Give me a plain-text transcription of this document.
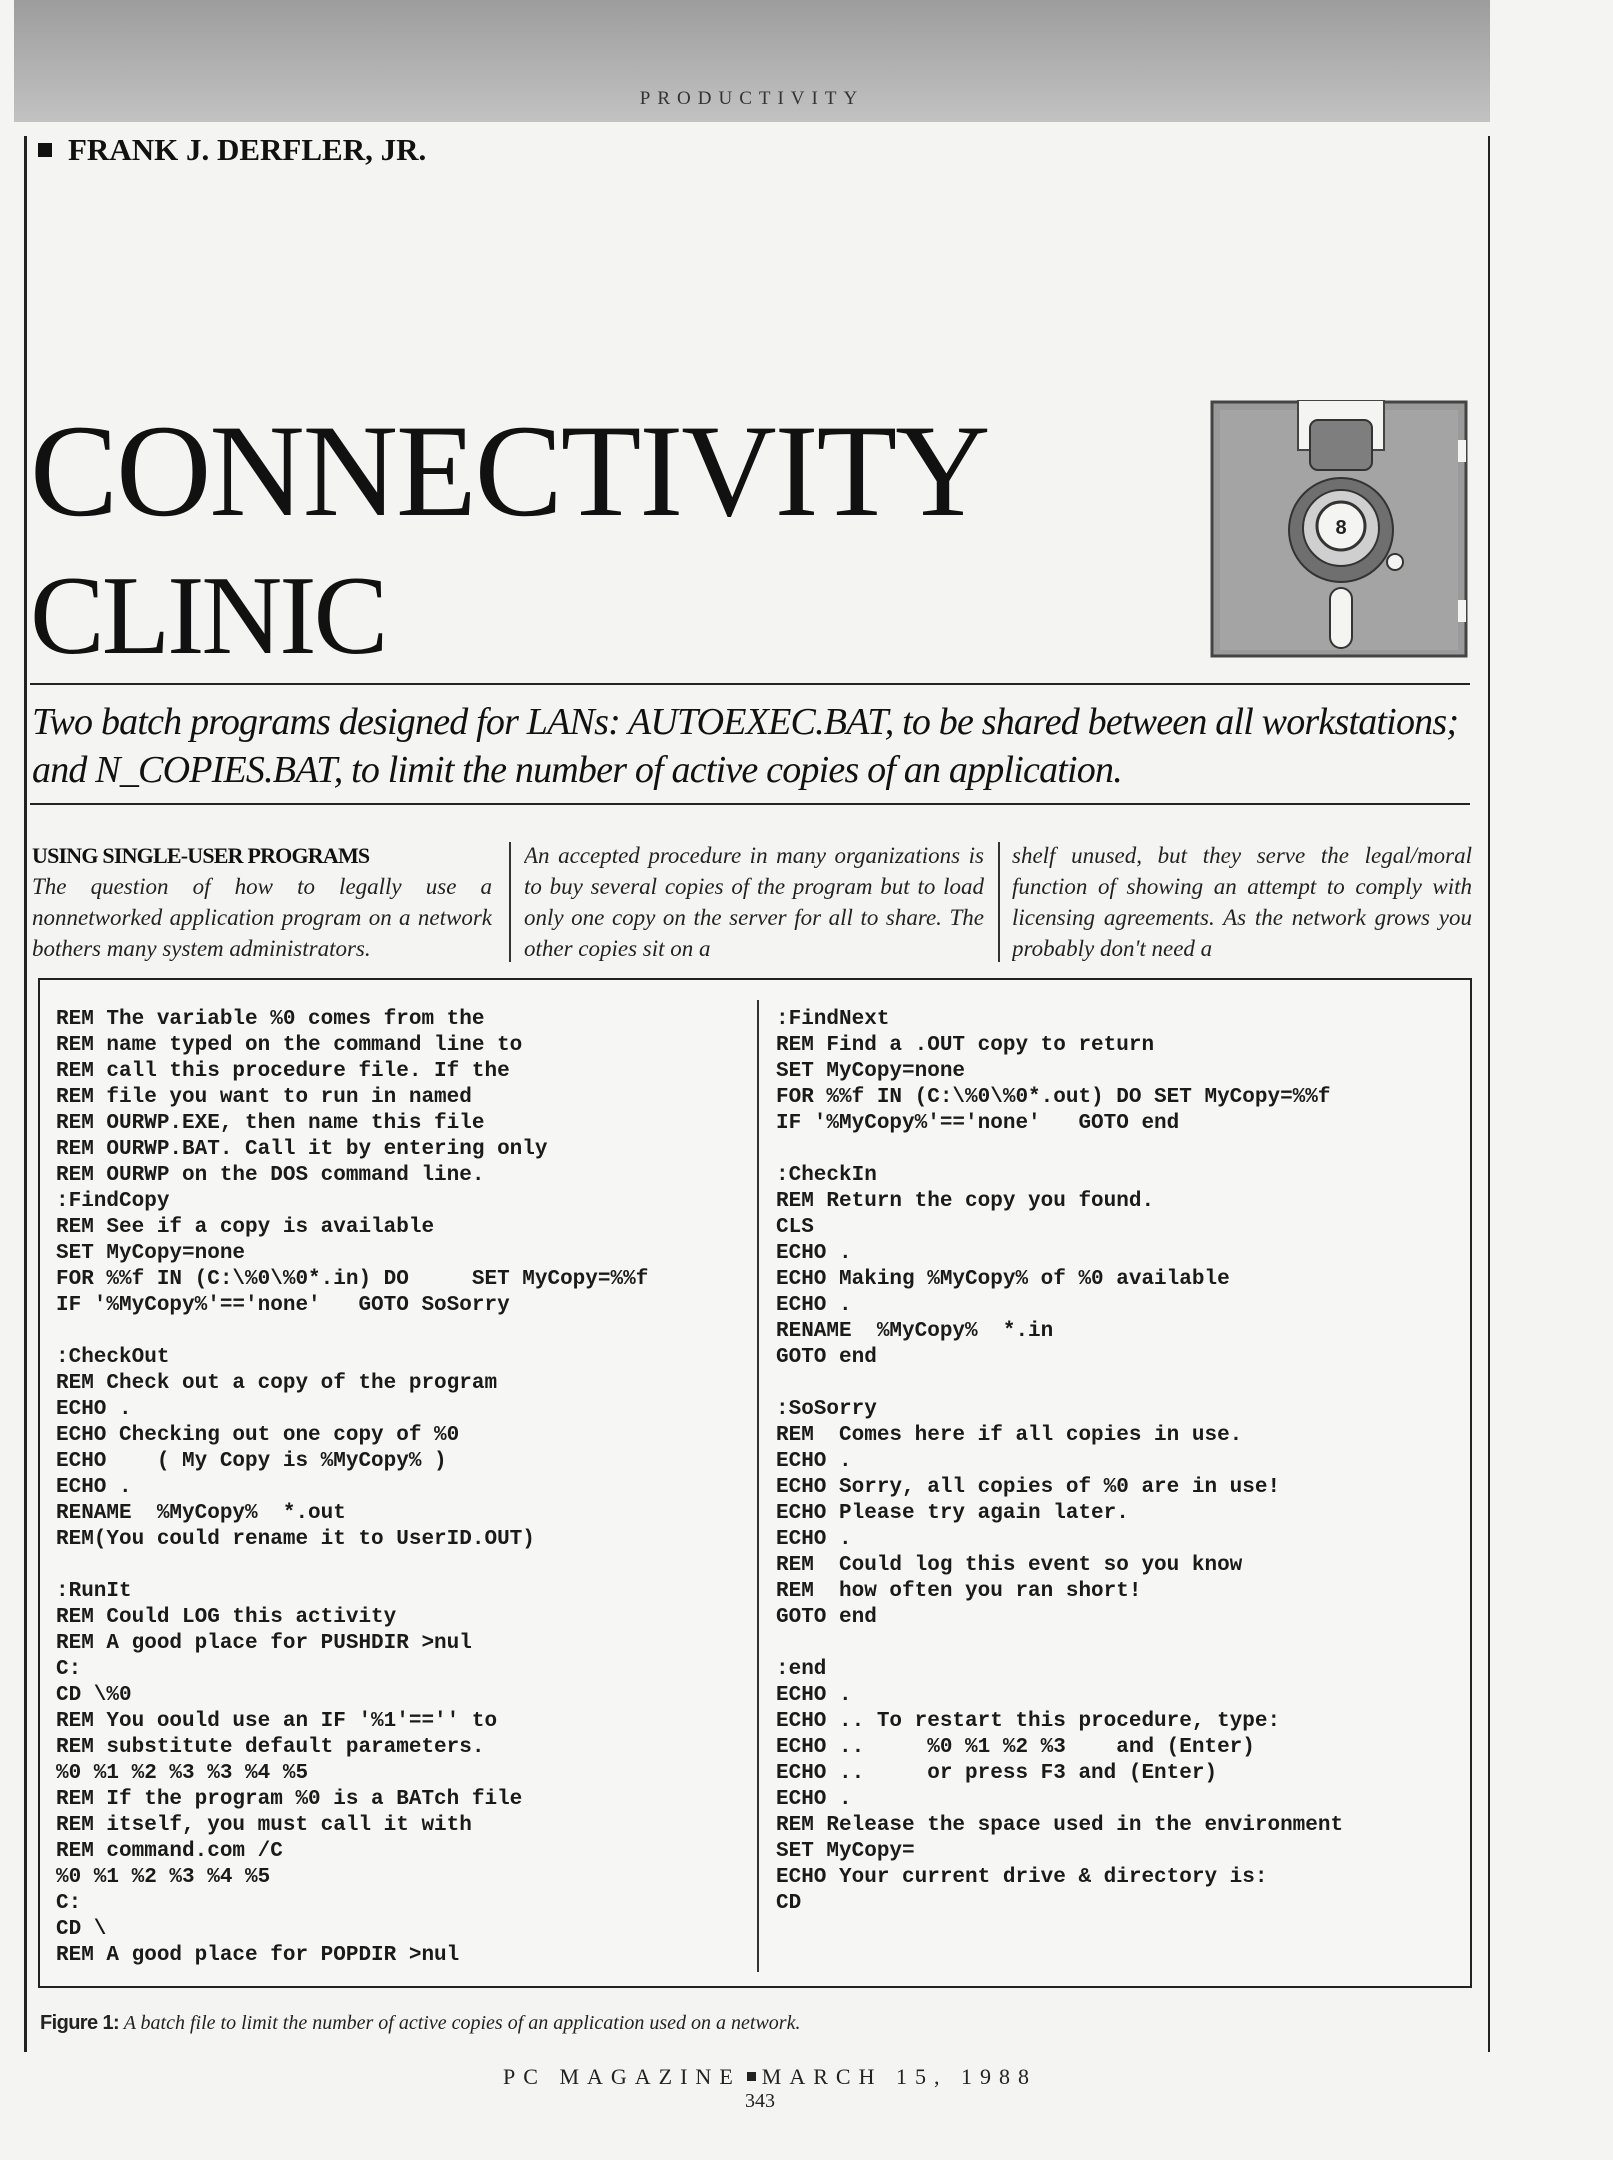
PRODUCTIVITY
FRANK J. DERFLER, JR.
CONNECTIVITY
CLINIC
8

Two batch programs designed for LANs: AUTOEXEC.BAT, to be shared between all workstations; and N_COPIES.BAT, to limit the number of active copies of an application.

USING SINGLE-USER PROGRAMS
The question of how to legally use a nonnetworked application program on a network bothers many system administrators.
An accepted procedure in many organizations is to buy several copies of the program but to load only one copy on the server for all to share. The other copies sit on a
shelf unused, but they serve the legal/moral function of showing an attempt to comply with licensing agreements. As the network grows you probably don't need a
REM The variable %0 comes from the
REM name typed on the command line to
REM call this procedure file. If the
REM file you want to run in named
REM OURWP.EXE, then name this file
REM OURWP.BAT. Call it by entering only
REM OURWP on the DOS command line.
:FindCopy
REM See if a copy is available
SET MyCopy=none
FOR %%f IN (C:\%0\%0*.in) DO     SET MyCopy=%%f
IF '%MyCopy%'=='none'   GOTO SoSorry

:CheckOut
REM Check out a copy of the program
ECHO .
ECHO Checking out one copy of %0
ECHO    ( My Copy is %MyCopy% )
ECHO .
RENAME  %MyCopy%  *.out
REM(You could rename it to UserID.OUT)

:RunIt
REM Could LOG this activity
REM A good place for PUSHDIR >nul
C:
CD \%0
REM You oould use an IF '%1'=='' to
REM substitute default parameters.
%0 %1 %2 %3 %3 %4 %5
REM If the program %0 is a BATch file
REM itself, you must call it with
REM command.com /C
%0 %1 %2 %3 %4 %5
C:
CD \
REM A good place for POPDIR >nul
:FindNext
REM Find a .OUT copy to return
SET MyCopy=none
FOR %%f IN (C:\%0\%0*.out) DO SET MyCopy=%%f
IF '%MyCopy%'=='none'   GOTO end

:CheckIn
REM Return the copy you found.
CLS
ECHO .
ECHO Making %MyCopy% of %0 available
ECHO .
RENAME  %MyCopy%  *.in
GOTO end

:SoSorry
REM  Comes here if all copies in use.
ECHO .
ECHO Sorry, all copies of %0 are in use!
ECHO Please try again later.
ECHO .
REM  Could log this event so you know
REM  how often you ran short!
GOTO end

:end
ECHO .
ECHO .. To restart this procedure, type:
ECHO ..     %0 %1 %2 %3    and (Enter)
ECHO ..     or press F3 and (Enter)
ECHO .
REM Release the space used in the environment
SET MyCopy=
ECHO Your current drive & directory is:
CD
Figure 1: A batch file to limit the number of active copies of an application used on a network.
PC MAGAZINE MARCH 15, 1988
343
